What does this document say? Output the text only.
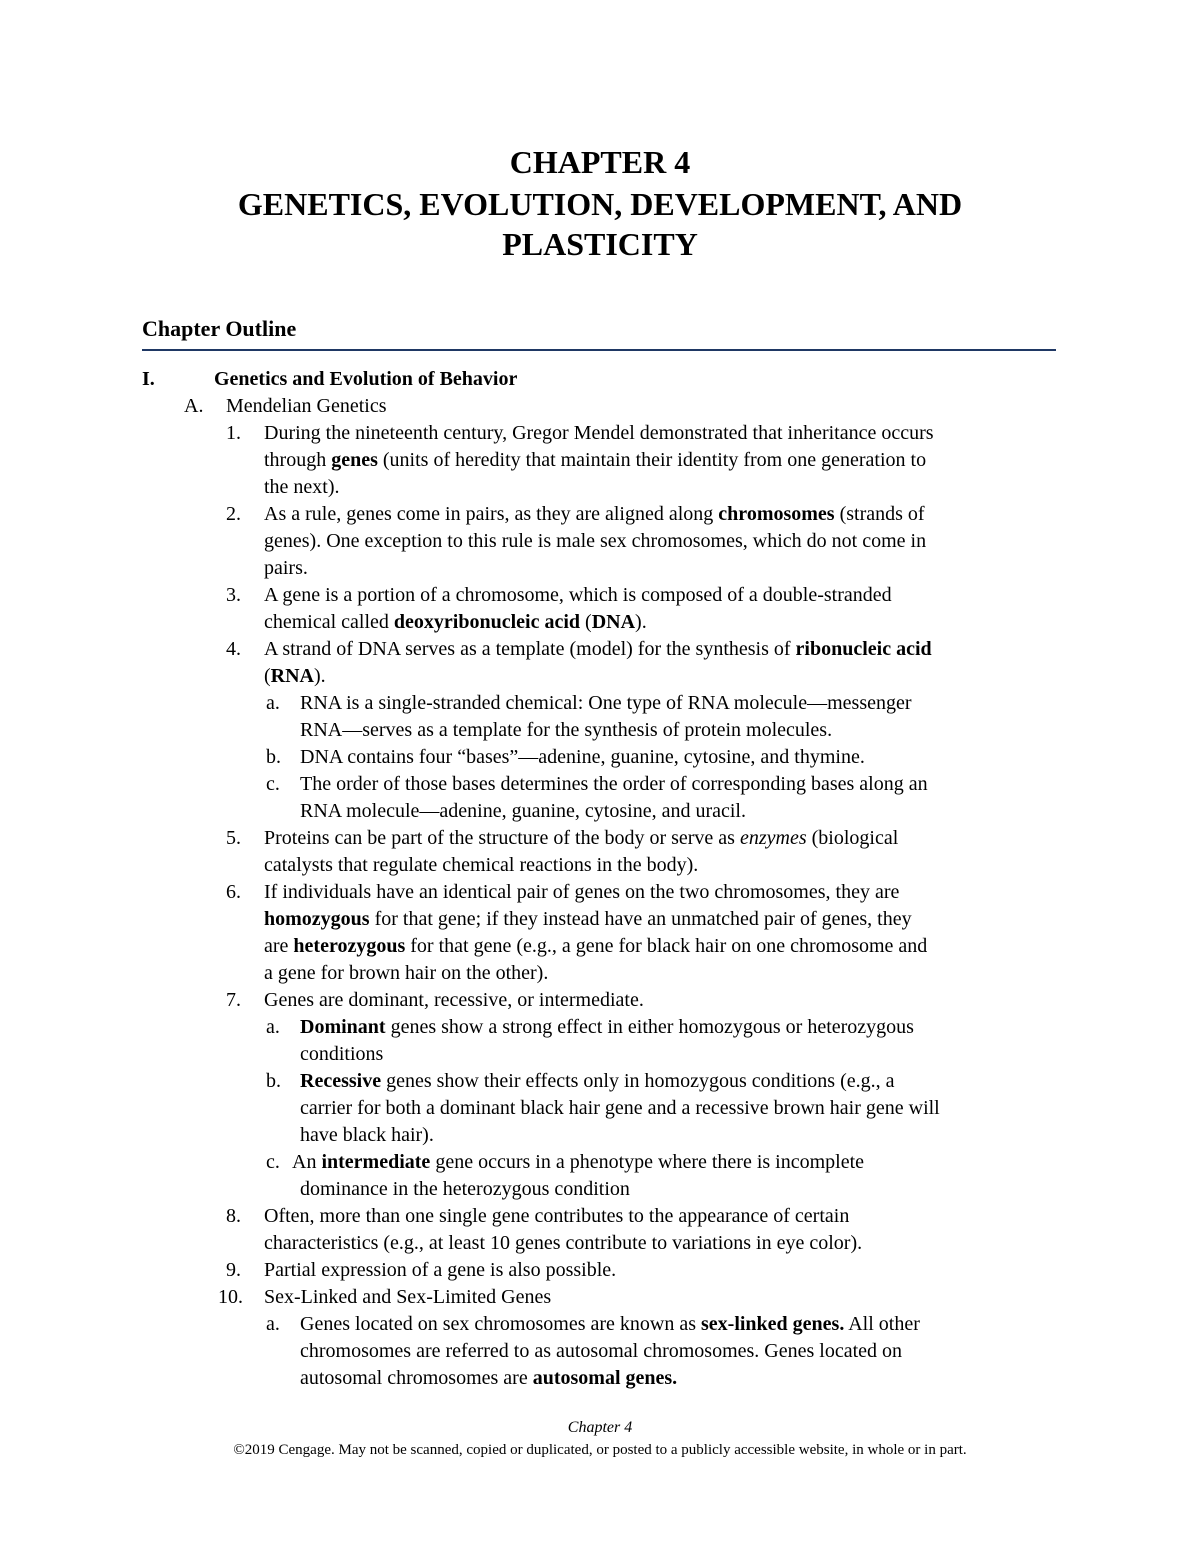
CHAPTER 4
GENETICS, EVOLUTION, DEVELOPMENT, AND
PLASTICITY
Chapter Outline
I.	Genetics and Evolution of Behavior
A. Mendelian Genetics
1. During the nineteenth century, Gregor Mendel demonstrated that inheritance occurs
through genes (units of heredity that maintain their identity from one generation to
the next).
2. As a rule, genes come in pairs, as they are aligned along chromosomes (strands of
genes). One exception to this rule is male sex chromosomes, which do not come in
pairs.
3. A gene is a portion of a chromosome, which is composed of a double-stranded
chemical called deoxyribonucleic acid (DNA).
4. A strand of DNA serves as a template (model) for the synthesis of ribonucleic acid
(RNA).
a. RNA is a single-stranded chemical: One type of RNA molecule—messenger
RNA—serves as a template for the synthesis of protein molecules.
b. DNA contains four “bases”—adenine, guanine, cytosine, and thymine.
c. The order of those bases determines the order of corresponding bases along an
RNA molecule—adenine, guanine, cytosine, and uracil.
5. Proteins can be part of the structure of the body or serve as enzymes (biological
catalysts that regulate chemical reactions in the body).
6. If individuals have an identical pair of genes on the two chromosomes, they are
homozygous for that gene; if they instead have an unmatched pair of genes, they
are heterozygous for that gene (e.g., a gene for black hair on one chromosome and
a gene for brown hair on the other).
7. Genes are dominant, recessive, or intermediate.
a. Dominant genes show a strong effect in either homozygous or heterozygous
conditions
b. Recessive genes show their effects only in homozygous conditions (e.g., a
carrier for both a dominant black hair gene and a recessive brown hair gene will
have black hair).
c. An intermediate gene occurs in a phenotype where there is incomplete
dominance in the heterozygous condition
8. Often, more than one single gene contributes to the appearance of certain
characteristics (e.g., at least 10 genes contribute to variations in eye color).
9. Partial expression of a gene is also possible.
10. Sex-Linked and Sex-Limited Genes
a. Genes located on sex chromosomes are known as sex-linked genes. All other
chromosomes are referred to as autosomal chromosomes. Genes located on
autosomal chromosomes are autosomal genes.
Chapter 4
©2019 Cengage. May not be scanned, copied or duplicated, or posted to a publicly accessible website, in whole or in part.
